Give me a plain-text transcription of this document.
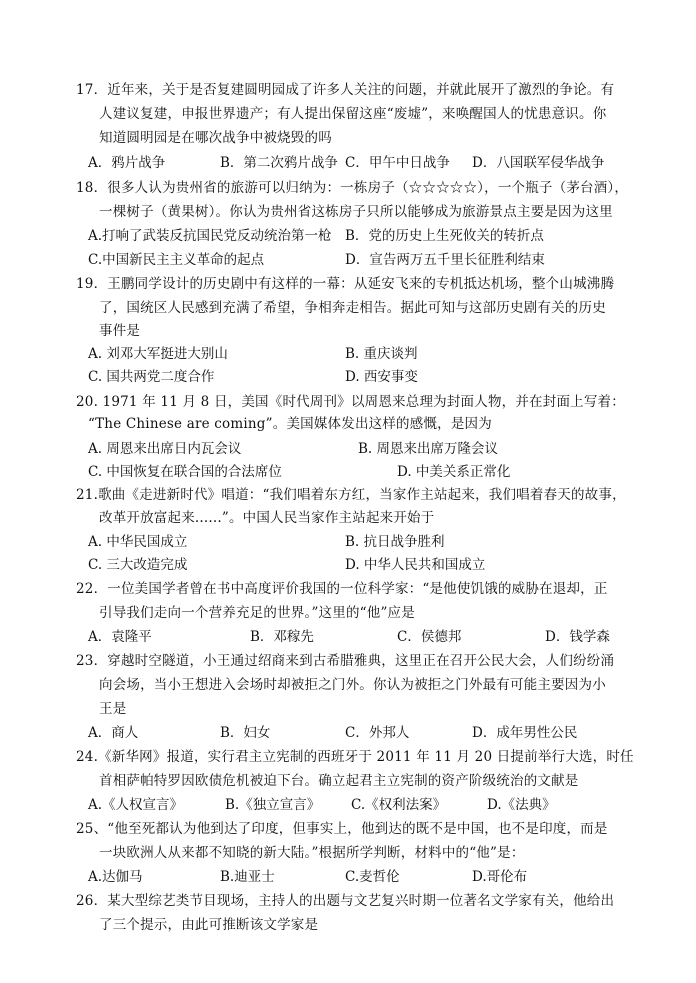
17．近年来，关于是否复建圆明园成了许多人关注的问题，并就此展开了激烈的争论。有
人建议复建，申报世界遗产；有人提出保留这座“废墟”，来唤醒国人的忧患意识。你
知道圆明园是在哪次战争中被烧毁的吗
A．鸦片战争	B．第二次鸦片战争 C．甲午中日战争 D．八国联军侵华战争
18．很多人认为贵州省的旅游可以归纳为：一栋房子（☆☆☆☆☆），一个瓶子（茅台酒），
一棵树子（黄果树）。你认为贵州省这栋房子只所以能够成为旅游景点主要是因为这里
A.打响了武装反抗国民党反动统治第一枪 B．党的历史上生死攸关的转折点
C.中国新民主主义革命的起点	D．宣告两万五千里长征胜利结束
19．王鹏同学设计的历史剧中有这样的一幕：从延安飞来的专机抵达机场，整个山城沸腾
了，国统区人民感到充满了希望，争相奔走相告。据此可知与这部历史剧有关的历史
事件是
A. 刘邓大军挺进大别山	B. 重庆谈判
C. 国共两党二度合作	D. 西安事变
20. 1971 年 11 月 8 日，美国《时代周刊》以周恩来总理为封面人物，并在封面上写着：
“The Chinese are coming”。美国媒体发出这样的感慨，是因为
A. 周恩来出席日内瓦会议	B. 周恩来出席万隆会议
C. 中国恢复在联合国的合法席位	D. 中美关系正常化
21.歌曲《走进新时代》唱道：“我们唱着东方红，当家作主站起来，我们唱着春天的故事，
改革开放富起来......”。中国人民当家作主站起来开始于
A. 中华民国成立	B. 抗日战争胜利
C. 三大改造完成	D. 中华人民共和国成立
22．一位美国学者曾在书中高度评价我国的一位科学家：“是他使饥饿的威胁在退却，正
引导我们走向一个营养充足的世界。”这里的“他”应是
A．袁隆平	B．邓稼先	C．侯德邦	D．钱学森
23．穿越时空隧道，小王通过绍商来到古希腊雅典，这里正在召开公民大会，人们纷纷涌
向会场，当小王想进入会场时却被拒之门外。你认为被拒之门外最有可能主要因为小
王是
A．商人	B．妇女	C．外邦人	D．成年男性公民
24.《新华网》报道，实行君主立宪制的西班牙于 2011 年 11 月 20 日提前举行大选，时任
首相萨帕特罗因欧债危机被迫下台。确立起君主立宪制的资产阶级统治的文献是
A.《人权宣言》	B.《独立宣言》 C.《权利法案》	D.《法典》
25、“他至死都认为他到达了印度，但事实上，他到达的既不是中国，也不是印度，而是
一块欧洲人从来都不知晓的新大陆。”根据所学判断，材料中的“他”是：
A.达伽马	B.迪亚士	C.麦哲伦	D.哥伦布
26．某大型综艺类节目现场，主持人的出题与文艺复兴时期一位著名文学家有关，他给出
了三个提示，由此可推断该文学家是
